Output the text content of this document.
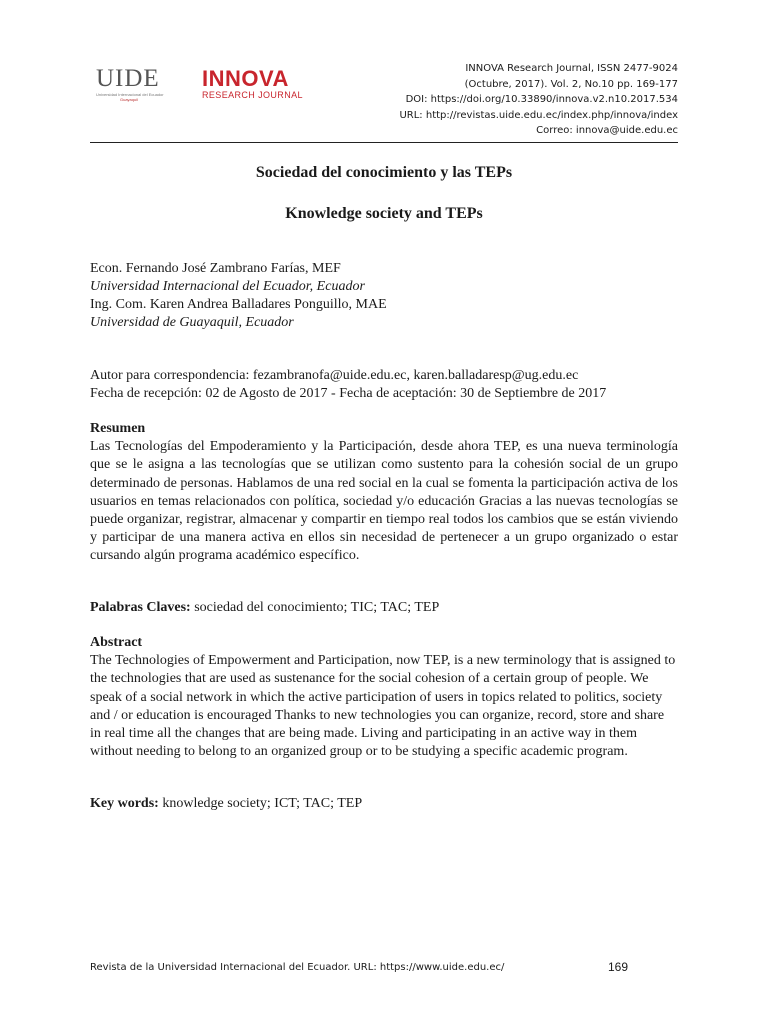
UIDE
Universidad Internacional del Ecuador
Guayaquil
INNOVA
RESEARCH JOURNAL
INNOVA Research Journal, ISSN 2477-9024
(Octubre, 2017). Vol. 2, No.10 pp. 169-177
DOI: https://doi.org/10.33890/innova.v2.n10.2017.534
URL: http://revistas.uide.edu.ec/index.php/innova/index
Correo: innova@uide.edu.ec
Sociedad del conocimiento y las TEPs
Knowledge society and TEPs
Econ. Fernando José Zambrano Farías, MEF
Universidad Internacional del Ecuador, Ecuador
Ing. Com. Karen Andrea Balladares Ponguillo, MAE
Universidad de Guayaquil, Ecuador
Autor para correspondencia: fezambranofa@uide.edu.ec, karen.balladaresp@ug.edu.ec
Fecha de recepción: 02 de Agosto de 2017 - Fecha de aceptación: 30 de Septiembre de 2017
Resumen
Las Tecnologías del Empoderamiento y la Participación, desde ahora TEP, es una nueva terminología que se le asigna a las tecnologías que se utilizan como sustento para la cohesión social de un grupo determinado de personas. Hablamos de una red social en la cual se fomenta la participación activa de los usuarios en temas relacionados con política, sociedad y/o educación Gracias a las nuevas tecnologías se puede organizar, registrar, almacenar y compartir en tiempo real todos los cambios que se están viviendo y participar de una manera activa en ellos sin necesidad de pertenecer a un grupo organizado o estar cursando algún programa académico específico.
Palabras Claves: sociedad del conocimiento; TIC; TAC; TEP
Abstract
The Technologies of Empowerment and Participation, now TEP, is a new terminology that is assigned to the technologies that are used as sustenance for the social cohesion of a certain group of people. We speak of a social network in which the active participation of users in topics related to politics, society and / or education is encouraged Thanks to new technologies you can organize, record, store and share in real time all the changes that are being made. Living and participating in an active way in them without needing to belong to an organized group or to be studying a specific academic program.
Key words: knowledge society; ICT; TAC; TEP
Revista de la Universidad Internacional del Ecuador. URL: https://www.uide.edu.ec/	169
